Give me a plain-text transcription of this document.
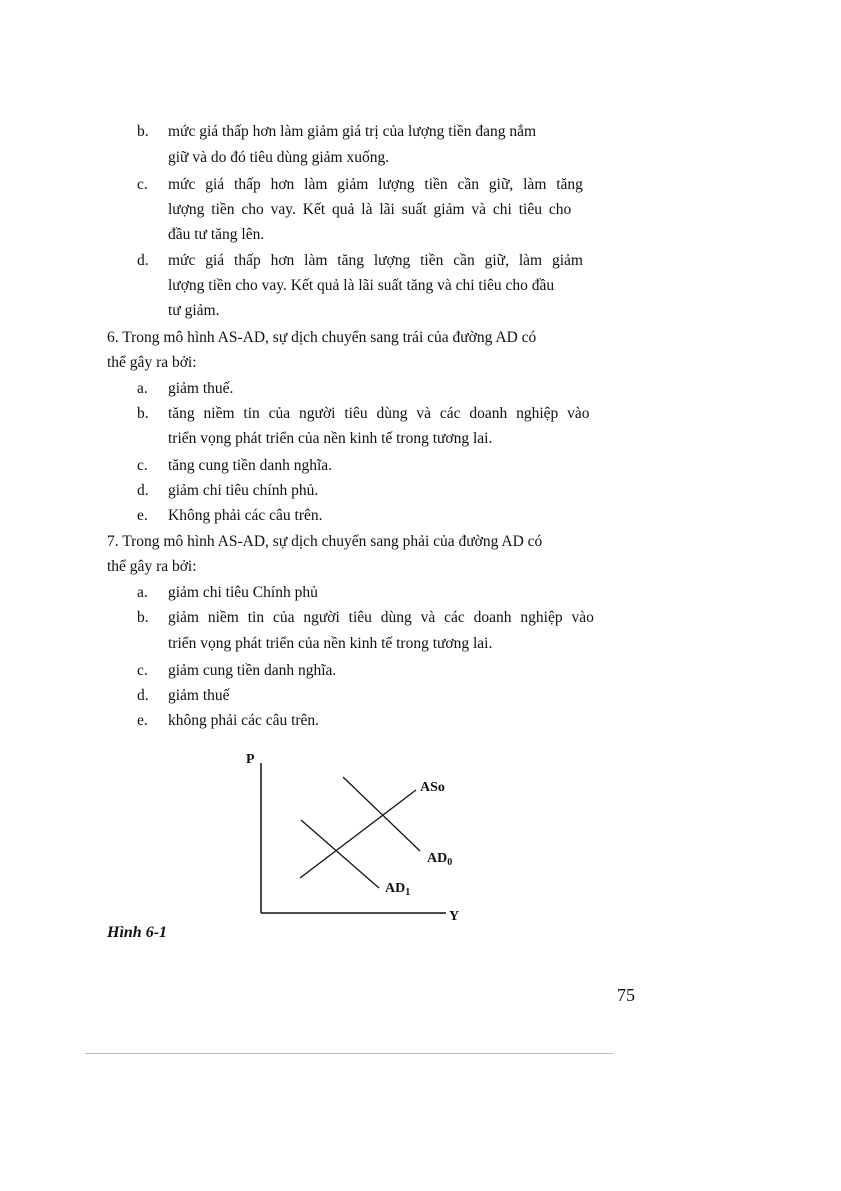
b. mức giá thấp hơn làm giảm giá trị của lượng tiền đang nắm
giữ và do đó tiêu dùng giảm xuống.
c. mức giá thấp hơn làm giảm lượng tiền cần giữ, làm tăng
lượng tiền cho vay. Kết quả là lãi suất giảm và chi tiêu cho
đầu tư tăng lên.
d. mức giá thấp hơn làm tăng lượng tiền cần giữ, làm giảm
lượng tiền cho vay. Kết quả là lãi suất tăng và chi tiêu cho đầu
tư giảm.
6. Trong mô hình AS-AD, sự dịch chuyển sang trái của đường AD có
thể gây ra bởi:
a. giảm thuế.
b. tăng niềm tin của người tiêu dùng và các doanh nghiệp vào
triển vọng phát triển của nền kinh tế trong tương lai.
c. tăng cung tiền danh nghĩa.
d. giảm chi tiêu chính phủ.
e. Không phải các câu trên.
7. Trong mô hình AS-AD, sự dịch chuyển sang phải của đường AD có
thể gây ra bởi:
a. giảm chi tiêu Chính phủ
b. giảm niềm tin của người tiêu dùng và các doanh nghiệp vào
triển vọng phát triển của nền kinh tế trong tương lai.
c. giảm cung tiền danh nghĩa.
d. giảm thuế
e. không phải các câu trên.
P
Y
ASo
$AD_0$
$AD_1$
Hình 6-1
75
